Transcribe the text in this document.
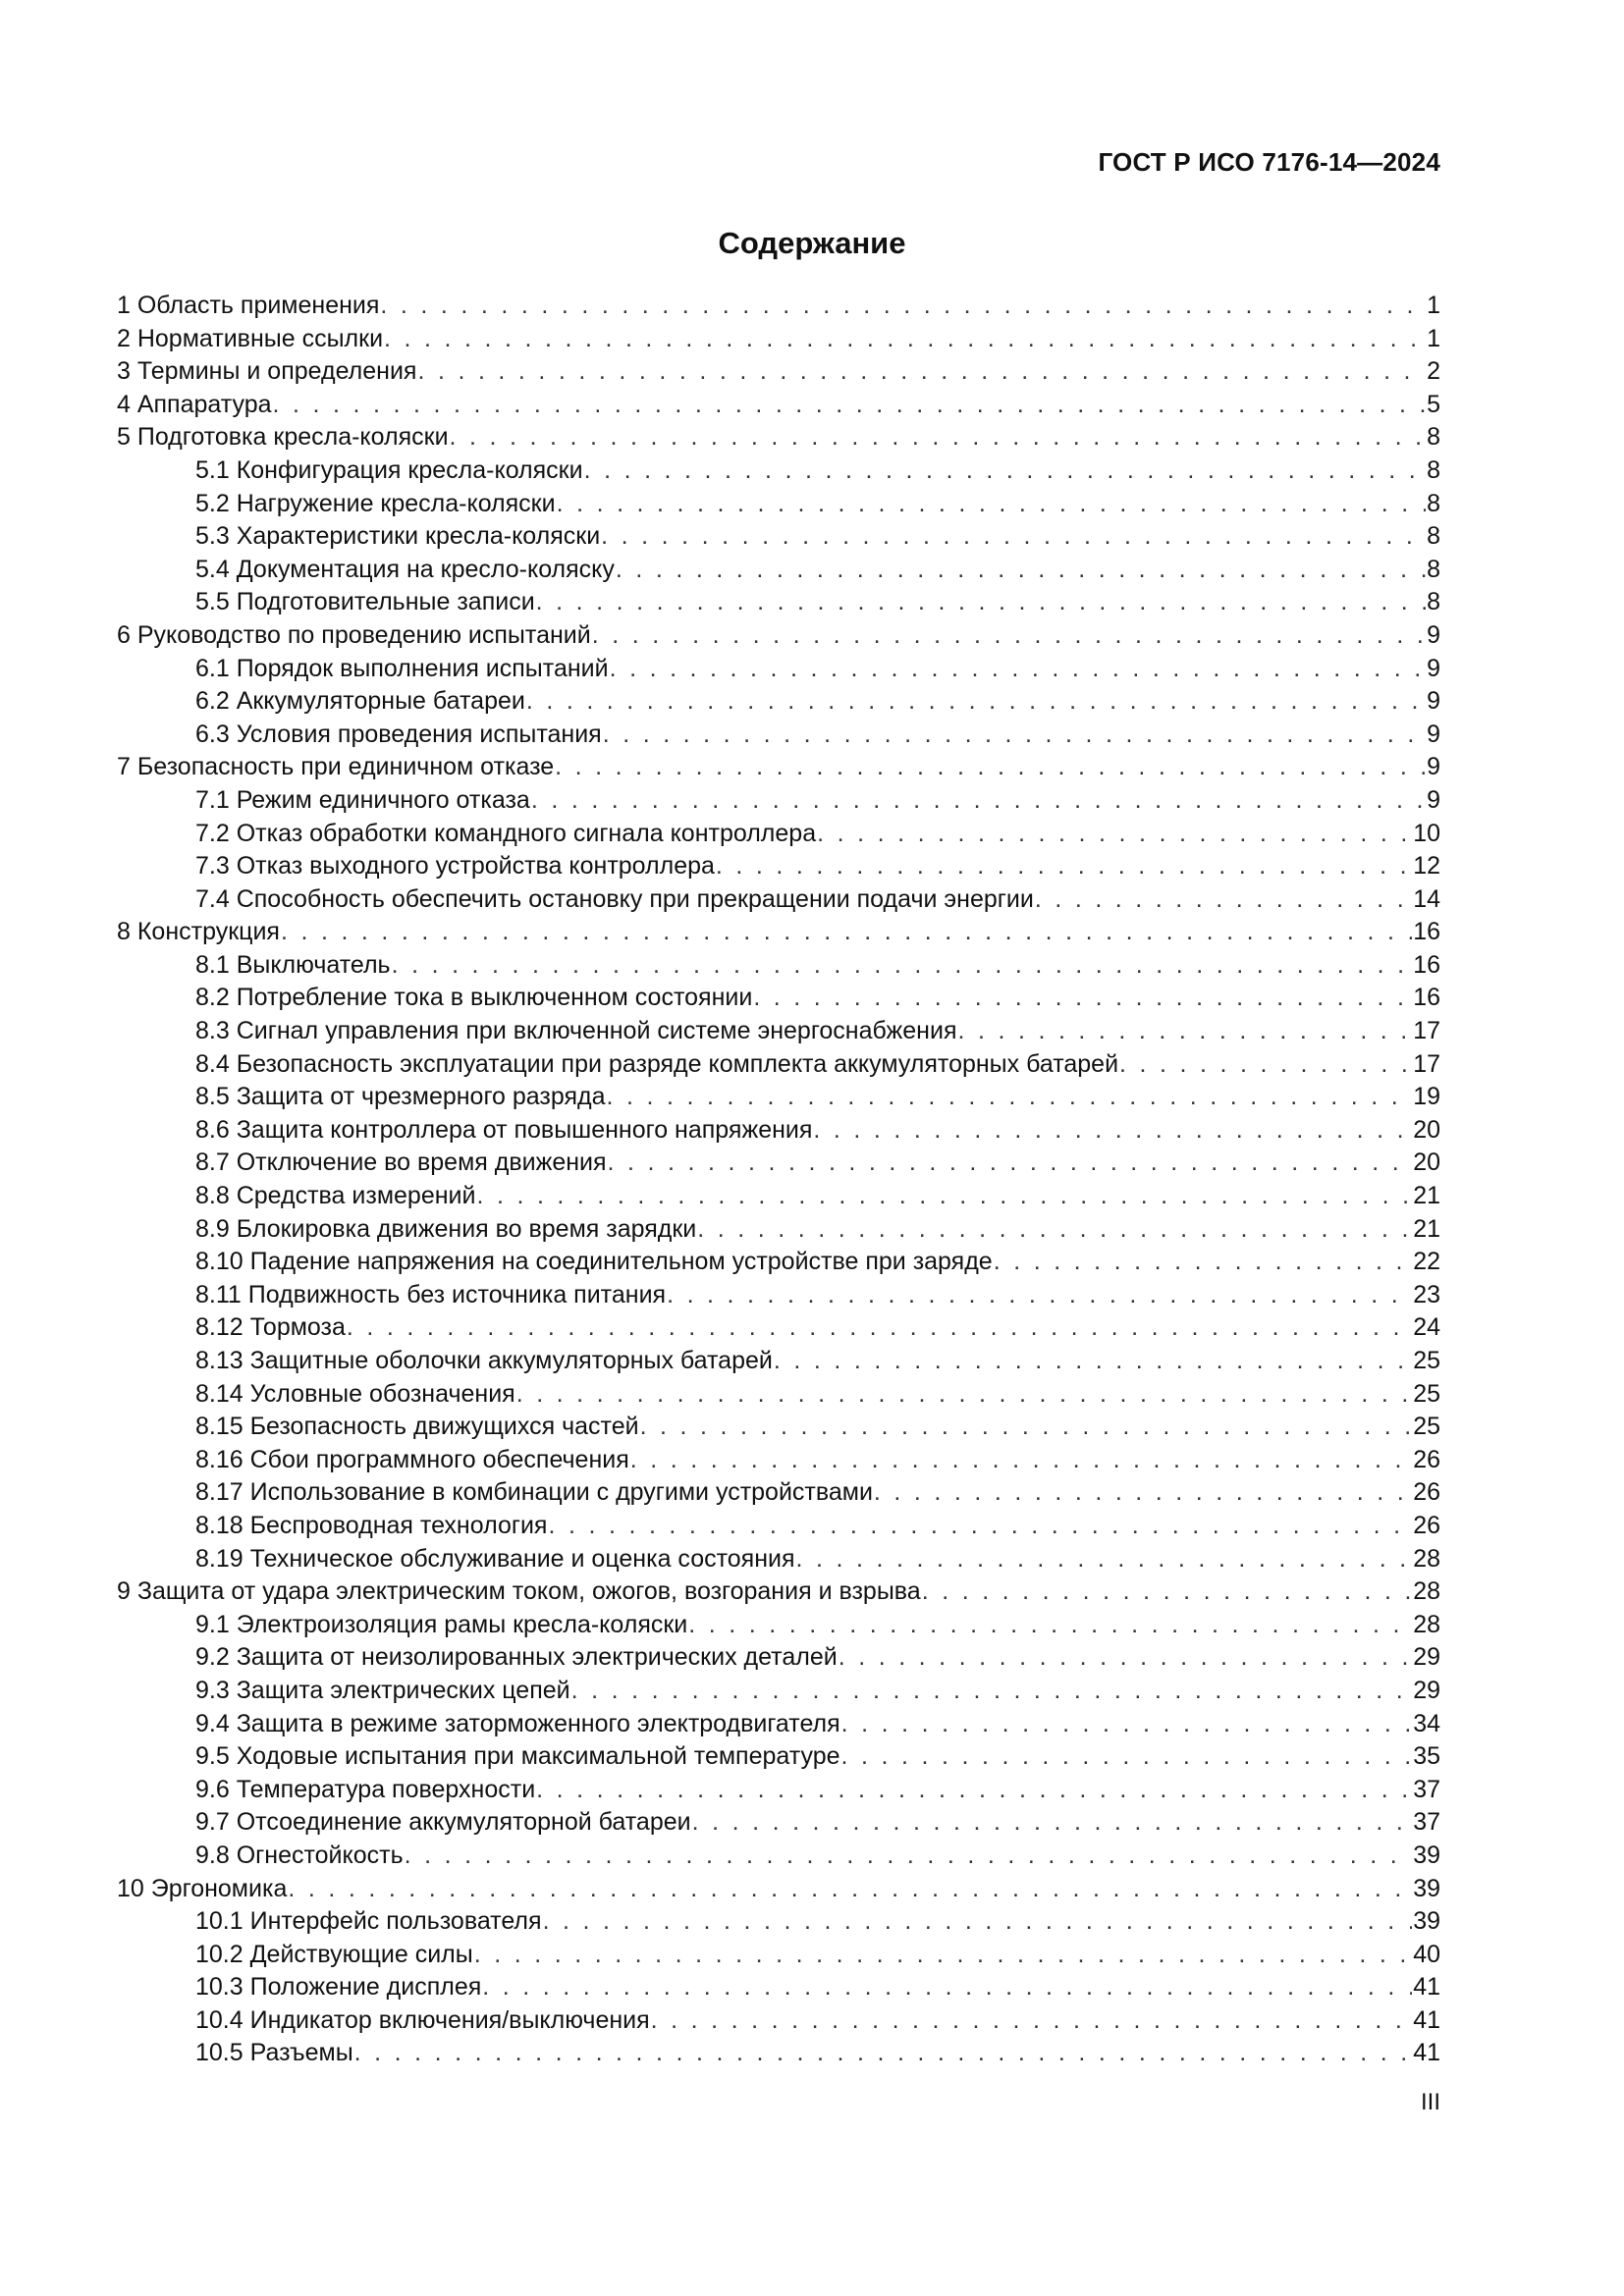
ГОСТ Р ИСО 7176-14—2024
Содержание
1 Область применения . . .	1
2 Нормативные ссылки . . .	1
3 Термины и определения . . .	2
4 Аппаратура . . .	5
5 Подготовка кресла-коляски . . .	8
5.1 Конфигурация кресла-коляски . . .	8
5.2 Нагружение кресла-коляски . . .	8
5.3 Характеристики кресла-коляски . . .	8
5.4 Документация на кресло-коляску . . .	8
5.5 Подготовительные записи . . .	8
6 Руководство по проведению испытаний . . .	9
6.1 Порядок выполнения испытаний . . .	9
6.2 Аккумуляторные батареи . . .	9
6.3 Условия проведения испытания . . .	9
7 Безопасность при единичном отказе . . .	9
7.1 Режим единичного отказа . . .	9
7.2 Отказ обработки командного сигнала контроллера . . .	10
7.3 Отказ выходного устройства контроллера . . .	12
7.4 Способность обеспечить остановку при прекращении подачи энергии . . .	14
8 Конструкция . . .	16
8.1 Выключатель . . .	16
8.2 Потребление тока в выключенном состоянии . . .	16
8.3 Сигнал управления при включенной системе энергоснабжения . . .	17
8.4 Безопасность эксплуатации при разряде комплекта аккумуляторных батарей . . .	17
8.5 Защита от чрезмерного разряда . . .	19
8.6 Защита контроллера от повышенного напряжения . . .	20
8.7 Отключение во время движения . . .	20
8.8 Средства измерений . . .	21
8.9 Блокировка движения во время зарядки . . .	21
8.10 Падение напряжения на соединительном устройстве при заряде . . .	22
8.11 Подвижность без источника питания . . .	23
8.12 Тормоза . . .	24
8.13 Защитные оболочки аккумуляторных батарей . . .	25
8.14 Условные обозначения . . .	25
8.15 Безопасность движущихся частей . . .	25
8.16 Сбои программного обеспечения . . .	26
8.17 Использование в комбинации с другими устройствами . . .	26
8.18 Беспроводная технология . . .	26
8.19 Техническое обслуживание и оценка состояния . . .	28
9 Защита от удара электрическим током, ожогов, возгорания и взрыва . . .	28
9.1 Электроизоляция рамы кресла-коляски . . .	28
9.2 Защита от неизолированных электрических деталей . . .	29
9.3 Защита электрических цепей . . .	29
9.4 Защита в режиме заторможенного электродвигателя . . .	34
9.5 Ходовые испытания при максимальной температуре . . .	35
9.6 Температура поверхности . . .	37
9.7 Отсоединение аккумуляторной батареи . . .	37
9.8 Огнестойкость . . .	39
10 Эргономика . . .	39
10.1 Интерфейс пользователя . . .	39
10.2 Действующие силы . . .	40
10.3 Положение дисплея . . .	41
10.4 Индикатор включения/выключения . . .	41
10.5 Разъемы . . .	41
III
